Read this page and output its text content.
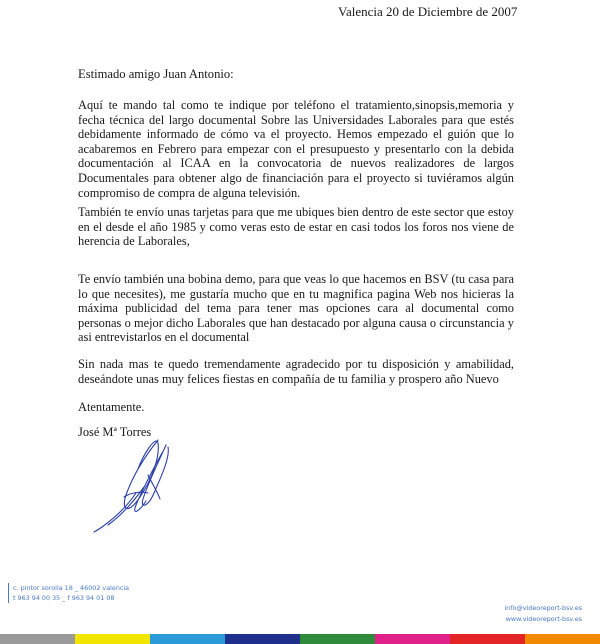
Valencia 20 de Diciembre de 2007
Estimado amigo Juan Antonio:
Aquí te mando tal como te indique por teléfono el tratamiento,sinopsis,memoria y fecha técnica del largo documental Sobre las Universidades Laborales para que estés debidamente informado de cómo va el proyecto. Hemos empezado el guión que lo acabaremos en Febrero para empezar con el presupuesto y presentarlo con la debida documentación al ICAA en la convocatoria de nuevos realizadores de largos Documentales para obtener algo de financiación para el proyecto si tuviéramos algún compromiso de compra de alguna televisión.
También te envío unas tarjetas para que me ubiques bien dentro de este sector que estoy en el desde el año 1985 y como veras esto de estar en casi todos los foros nos viene de herencia de Laborales,
Te envío también una bobina demo, para que veas lo que hacemos en BSV (tu casa para lo que necesites), me gustaría mucho que en tu magnifica pagina Web nos hicieras la máxima publicidad del tema para tener mas opciones cara al documental como personas o mejor dicho Laborales que han destacado por alguna causa o circunstancia y asi entrevistarlos en el documental
Sin nada mas te quedo tremendamente agradecido por tu disposición y amabilidad, deseándote unas muy felices fiestas en compañía de tu familia y prospero año Nuevo
Atentamente.
José Mª Torres
c. pintor sorolla 18 _ 46002 valencia
t 963 94 00 35 _ f 963 94 01 08
info@videoreport-bsv.es
www.videoreport-bsv.es
